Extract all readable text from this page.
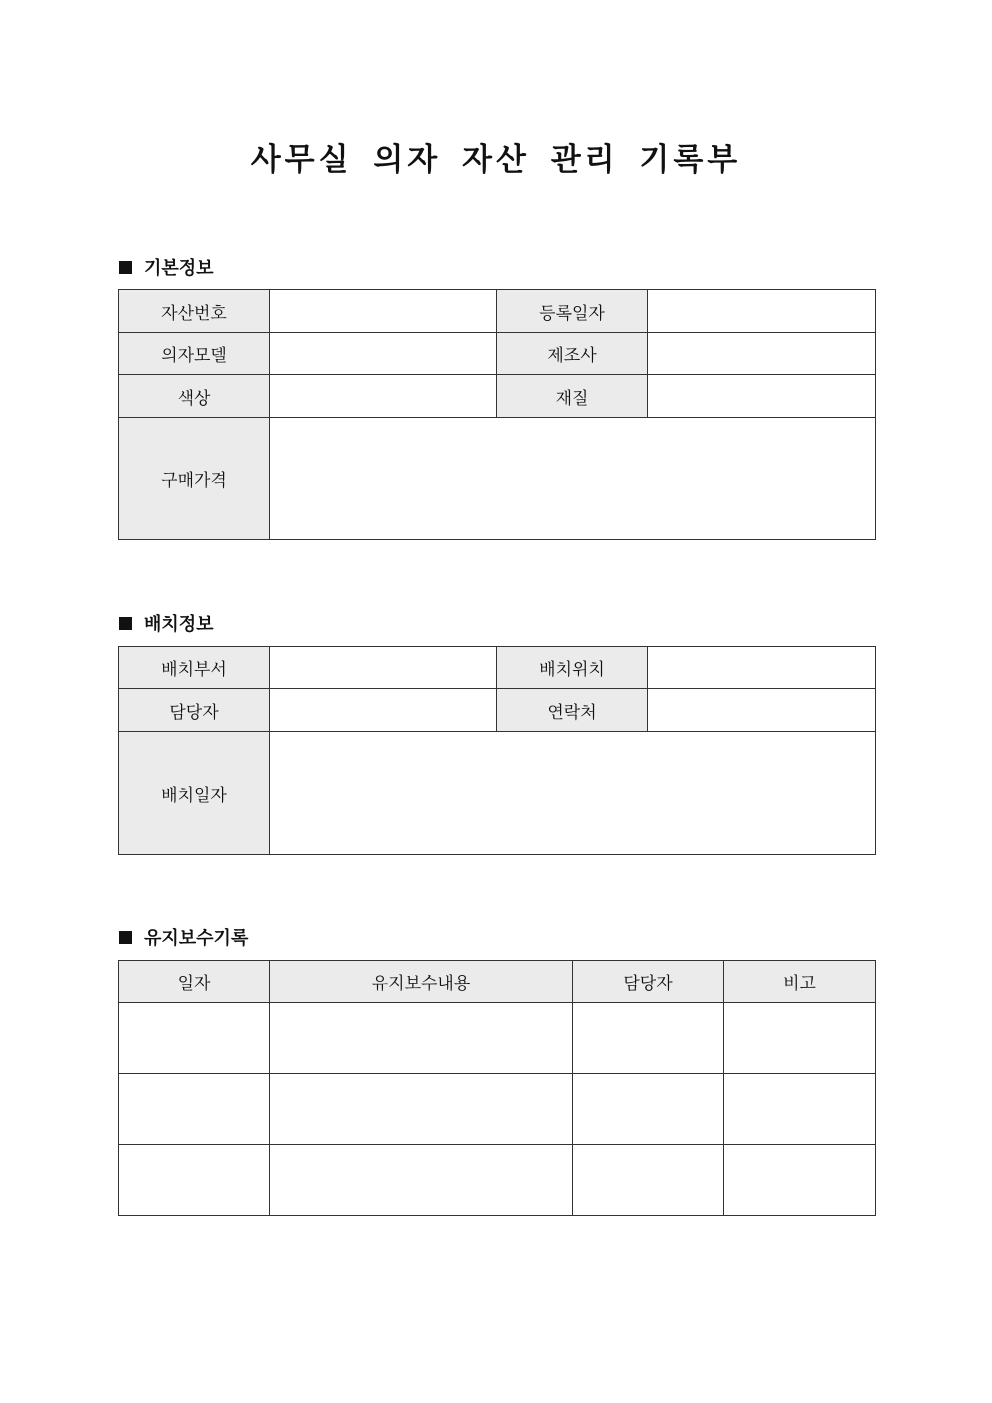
사무실 의자 자산 관리 기록부
기본정보
자산번호		등록일자	
의자모델		제조사	
색상		재질	
구매가격			
배치정보
배치부서		배치위치	
담당자		연락처	
배치일자			
유지보수기록
일자	유지보수내용	담당자	비고
